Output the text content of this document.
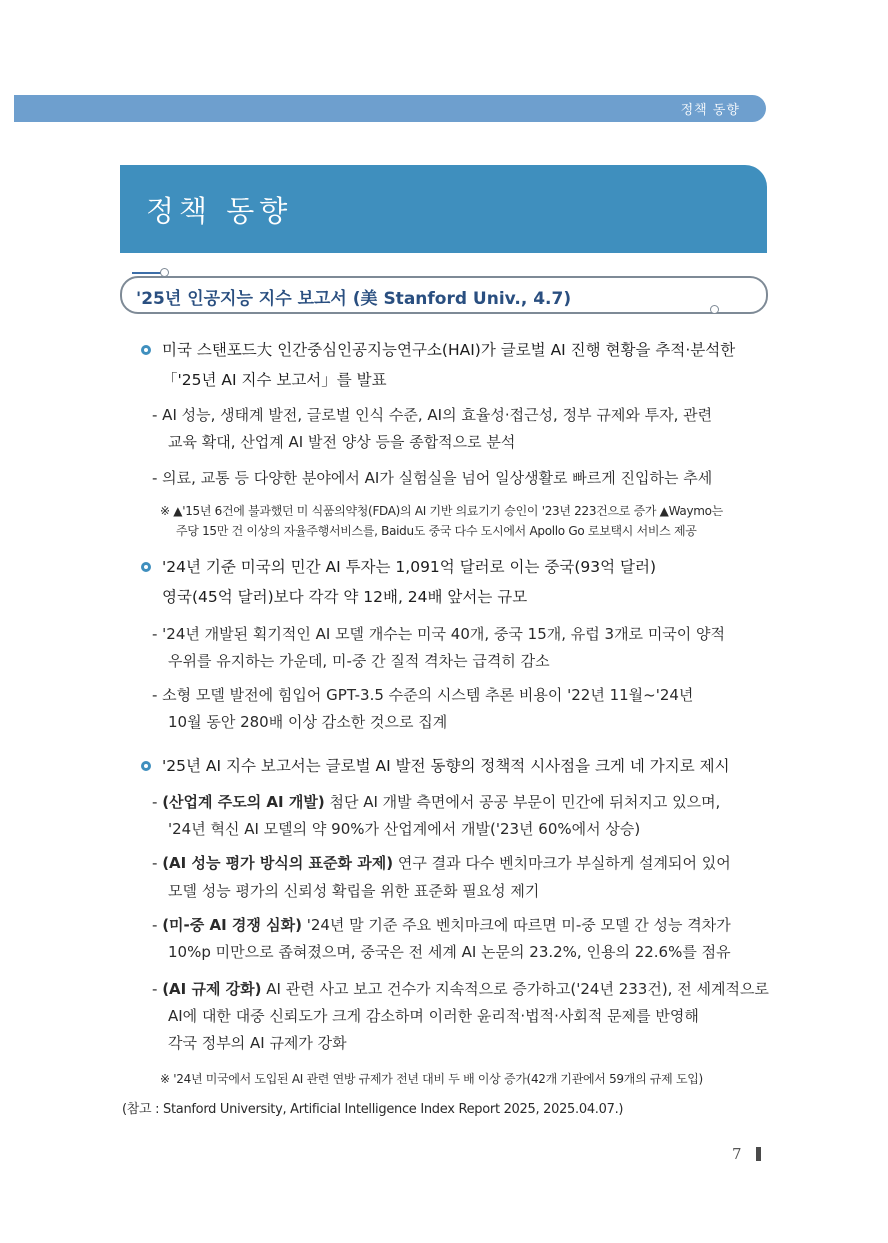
정책 동향
정책 동향
'25년 인공지능 지수 보고서 (美 Stanford Univ., 4.7)
미국 스탠포드大 인간중심인공지능연구소(HAI)가 글로벌 AI 진행 현황을 추적·분석한
「'25년 AI 지수 보고서」를 발표
- AI 성능, 생태계 발전, 글로벌 인식 수준, AI의 효율성·접근성, 정부 규제와 투자, 관련
교육 확대, 산업계 AI 발전 양상 등을 종합적으로 분석
- 의료, 교통 등 다양한 분야에서 AI가 실험실을 넘어 일상생활로 빠르게 진입하는 추세
※ ▲'15년 6건에 불과했던 미 식품의약청(FDA)의 AI 기반 의료기기 승인이 '23년 223건으로 증가 ▲Waymo는
주당 15만 건 이상의 자율주행서비스를, Baidu도 중국 다수 도시에서 Apollo Go 로보택시 서비스 제공
'24년 기준 미국의 민간 AI 투자는 1,091억 달러로 이는 중국(93억 달러)
영국(45억 달러)보다 각각 약 12배, 24배 앞서는 규모
- '24년 개발된 획기적인 AI 모델 개수는 미국 40개, 중국 15개, 유럽 3개로 미국이 양적
우위를 유지하는 가운데, 미-중 간 질적 격차는 급격히 감소
- 소형 모델 발전에 힘입어 GPT-3.5 수준의 시스템 추론 비용이 '22년 11월~'24년
10월 동안 280배 이상 감소한 것으로 집계
'25년 AI 지수 보고서는 글로벌 AI 발전 동향의 정책적 시사점을 크게 네 가지로 제시
- (산업계 주도의 AI 개발) 첨단 AI 개발 측면에서 공공 부문이 민간에 뒤처지고 있으며,
'24년 혁신 AI 모델의 약 90%가 산업계에서 개발('23년 60%에서 상승)
- (AI 성능 평가 방식의 표준화 과제) 연구 결과 다수 벤치마크가 부실하게 설계되어 있어
모델 성능 평가의 신뢰성 확립을 위한 표준화 필요성 제기
- (미-중 AI 경쟁 심화) '24년 말 기준 주요 벤치마크에 따르면 미-중 모델 간 성능 격차가
10%p 미만으로 좁혀졌으며, 중국은 전 세계 AI 논문의 23.2%, 인용의 22.6%를 점유
- (AI 규제 강화) AI 관련 사고 보고 건수가 지속적으로 증가하고('24년 233건), 전 세계적으로
AI에 대한 대중 신뢰도가 크게 감소하며 이러한 윤리적·법적·사회적 문제를 반영해
각국 정부의 AI 규제가 강화
※ '24년 미국에서 도입된 AI 관련 연방 규제가 전년 대비 두 배 이상 증가(42개 기관에서 59개의 규제 도입)
(참고 : Stanford University, Artificial Intelligence Index Report 2025, 2025.04.07.)
7
